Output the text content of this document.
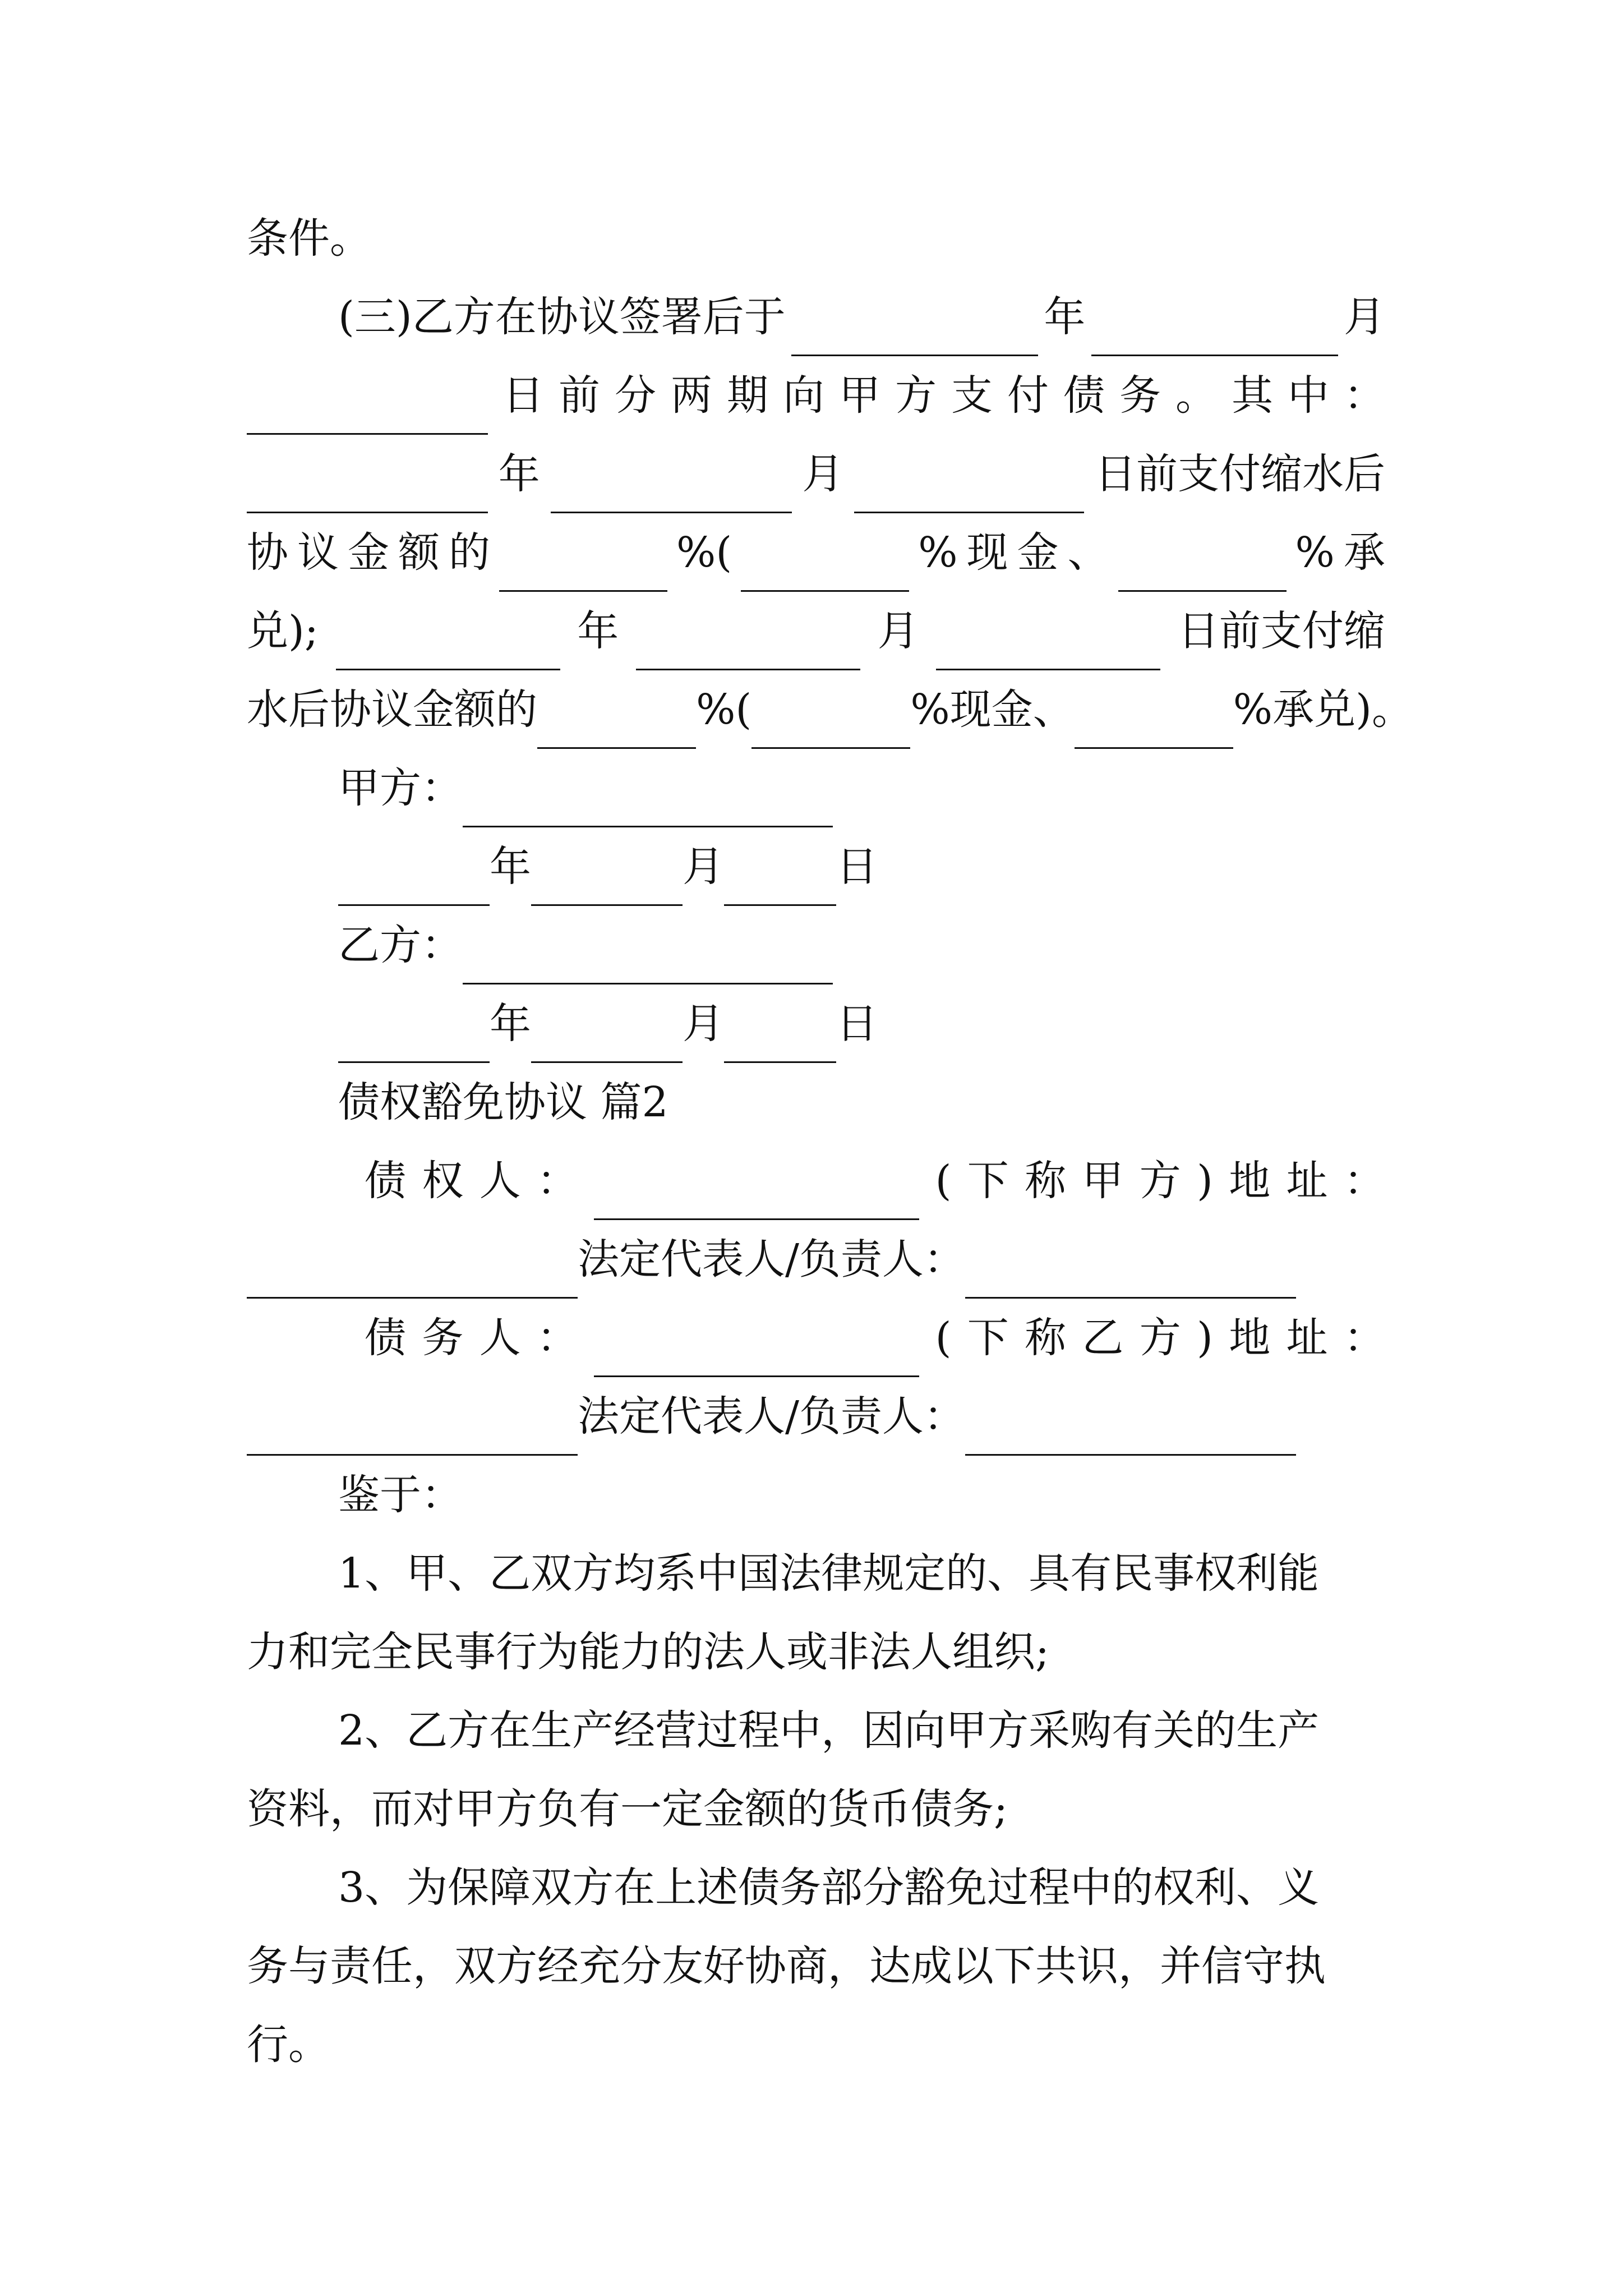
条件。
(三)乙方在协议签署后于	年	月
日 前 分 两 期 向 甲 方 支 付 债 务 。 其 中 ：
年	月	日前支付缩水后
协 议 金 额 的	%(	% 现 金 、	% 承
兑);	年	月	日前支付缩
水后协议金额的	%(	%现金、	%承兑)。
甲方：
年	月	日
乙方：
年	月	日
债权豁免协议 篇2
债 权 人 ：	( 下 称 甲 方 ) 地 址 ：
法定代表人/负责人：
债 务 人 ：	( 下 称 乙 方 ) 地 址 ：
法定代表人/负责人：
鉴于：
1、甲、乙双方均系中国法律规定的、具有民事权利能
力和完全民事行为能力的法人或非法人组织;
2、乙方在生产经营过程中，因向甲方采购有关的生产
资料，而对甲方负有一定金额的货币债务;
3、为保障双方在上述债务部分豁免过程中的权利、义
务与责任，双方经充分友好协商，达成以下共识，并信守执
行。
